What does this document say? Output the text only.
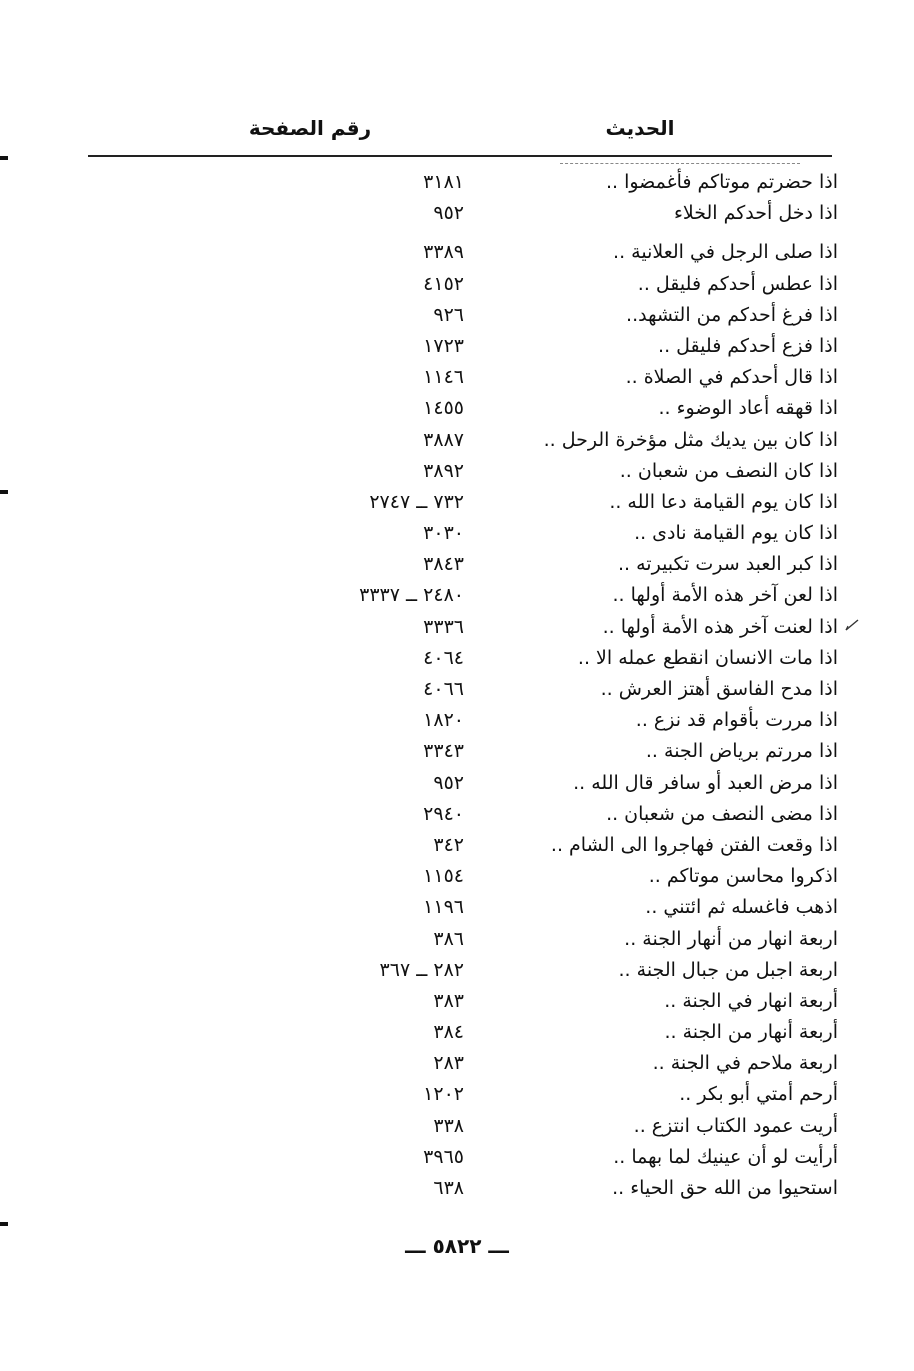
الحديث
رقم الصفحة
اذا حضرتم موتاكم فأغمضوا ..
٣١٨١
اذا دخل أحدكم الخلاء
٩٥٢
اذا صلى الرجل في العلانية ..
٣٣٨٩
اذا عطس أحدكم فليقل ..
٤١٥٢
اذا فرغ أحدكم من التشهد..
٩٢٦
اذا فزع أحدكم فليقل ..
١٧٢٣
اذا قال أحدكم في الصلاة ..
١١٤٦
اذا قهقه أعاد الوضوء ..
١٤٥٥
اذا كان بين يديك مثل مؤخرة الرحل ..
٣٨٨٧
اذا كان النصف من شعبان ..
٣٨٩٢
اذا كان يوم القيامة دعا الله ..
٧٣٢ ــ ٢٧٤٧
اذا كان يوم القيامة نادى ..
٣٠٣٠
اذا كبر العبد سرت تكبيرته ..
٣٨٤٣
اذا لعن آخر هذه الأمة أولها ..
٢٤٨٠ ــ ٣٣٣٧
اذا لعنت آخر هذه الأمة أولها ..
٣٣٣٦
اذا مات الانسان انقطع عمله الا ..
٤٠٦٤
اذا مدح الفاسق أهتز العرش ..
٤٠٦٦
اذا مررت بأقوام قد نزع ..
١٨٢٠
اذا مررتم برياض الجنة ..
٣٣٤٣
اذا مرض العبد أو سافر قال الله ..
٩٥٢
اذا مضى النصف من شعبان ..
٢٩٤٠
اذا وقعت الفتن فهاجروا الى الشام ..
٣٤٢
اذكروا محاسن موتاكم ..
١١٥٤
اذهب فاغسله ثم ائتني ..
١١٩٦
اربعة انهار من أنهار الجنة ..
٣٨٦
اربعة اجبل من جبال الجنة ..
٢٨٢ ــ ٣٦٧
أربعة انهار في الجنة ..
٣٨٣
أربعة أنهار من الجنة ..
٣٨٤
اربعة ملاحم في الجنة ..
٢٨٣
أرحم أمتي أبو بكر ..
١٢٠٢
أريت عمود الكتاب انتزع ..
٣٣٨
أرأيت لو أن عينيك لما بهما ..
٣٩٦٥
استحيوا من الله حق الحياء ..
٦٣٨
ـــ ٥٨٢٢ ـــ
